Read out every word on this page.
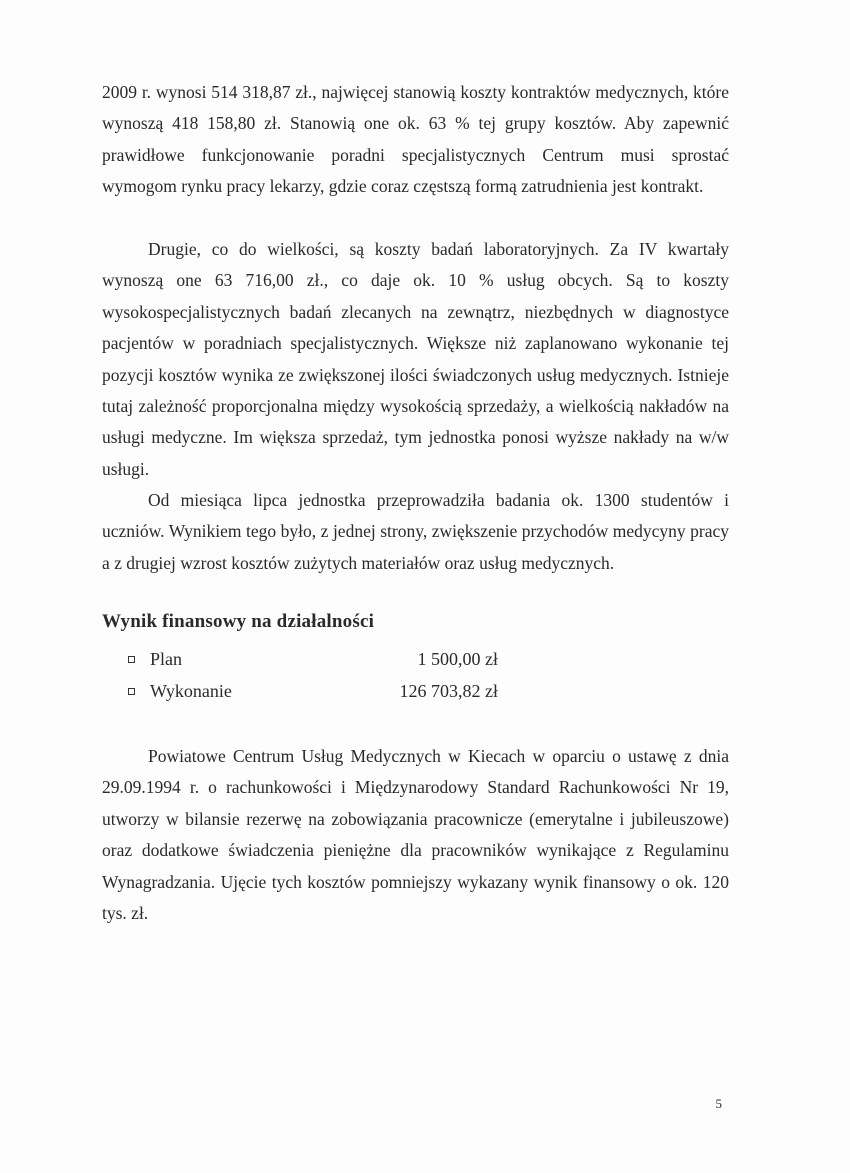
2009 r. wynosi 514 318,87 zł., najwięcej stanowią koszty kontraktów medycznych, które wynoszą 418 158,80 zł. Stanowią one ok. 63 % tej grupy kosztów. Aby zapewnić prawidłowe funkcjonowanie poradni specjalistycznych Centrum musi sprostać wymogom rynku pracy lekarzy, gdzie coraz częstszą formą zatrudnienia jest kontrakt.

Drugie, co do wielkości, są koszty badań laboratoryjnych. Za IV kwartały wynoszą one 63 716,00 zł., co daje ok. 10 % usług obcych. Są to koszty wysokospecjalistycznych badań zlecanych na zewnątrz, niezbędnych w diagnostyce pacjentów w poradniach specjalistycznych. Większe niż zaplanowano wykonanie tej pozycji kosztów wynika ze zwiększonej ilości świadczonych usług medycznych. Istnieje tutaj zależność proporcjonalna między wysokością sprzedaży, a wielkością nakładów na usługi medyczne. Im większa sprzedaż, tym jednostka ponosi wyższe nakłady na w/w usługi.

Od miesiąca lipca jednostka przeprowadziła badania ok. 1300 studentów i uczniów. Wynikiem tego było, z jednej strony, zwiększenie przychodów medycyny pracy a z drugiej wzrost kosztów zużytych materiałów oraz usług medycznych.

Wynik finansowy na działalności
Plan	1 500,00 zł
Wykonanie	126 703,82 zł

Powiatowe Centrum Usług Medycznych w Kiecach w oparciu o ustawę z dnia 29.09.1994 r. o rachunkowości i Międzynarodowy Standard Rachunkowości Nr 19, utworzy w bilansie rezerwę na zobowiązania pracownicze (emerytalne i jubileuszowe) oraz dodatkowe świadczenia pieniężne dla pracowników wynikające z Regulaminu Wynagradzania. Ujęcie tych kosztów pomniejszy wykazany wynik finansowy o ok. 120 tys. zł.

5
